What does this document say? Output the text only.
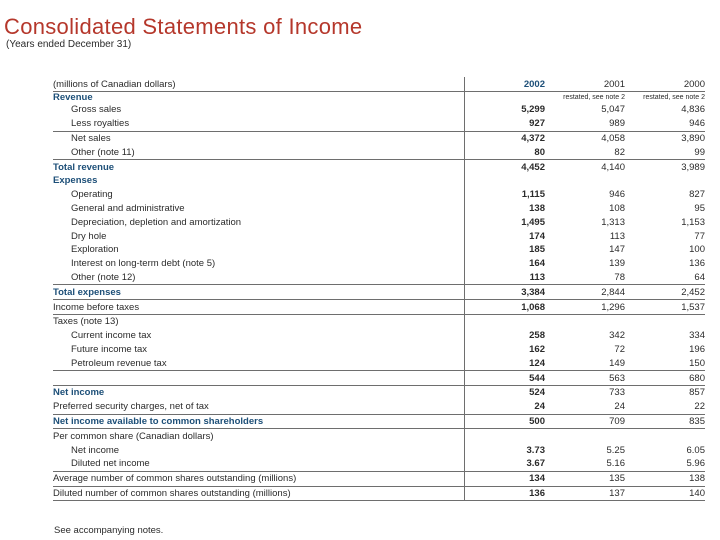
Consolidated Statements of Income
(Years ended December 31)
(millions of Canadian dollars)	2002	2001	2000
Revenue		restated, see note 2	restated, see note 2
Gross sales	5,299	5,047	4,836
Less royalties	927	989	946
Net sales	4,372	4,058	3,890
Other (note 11)	80	82	99
Total revenue	4,452	4,140	3,989
Expenses			
Operating	1,115	946	827
General and administrative	138	108	95
Depreciation, depletion and amortization	1,495	1,313	1,153
Dry hole	174	113	77
Exploration	185	147	100
Interest on long-term debt (note 5)	164	139	136
Other (note 12)	113	78	64
Total expenses	3,384	2,844	2,452
Income before taxes	1,068	1,296	1,537
Taxes (note 13)			
Current income tax	258	342	334
Future income tax	162	72	196
Petroleum revenue tax	124	149	150
	544	563	680
Net income	524	733	857
Preferred security charges, net of tax	24	24	22
Net income available to common shareholders	500	709	835
Per common share (Canadian dollars)			
Net income	3.73	5.25	6.05
Diluted net income	3.67	5.16	5.96
Average number of common shares outstanding (millions)	134	135	138
Diluted number of common shares outstanding (millions)	136	137	140
See accompanying notes.
